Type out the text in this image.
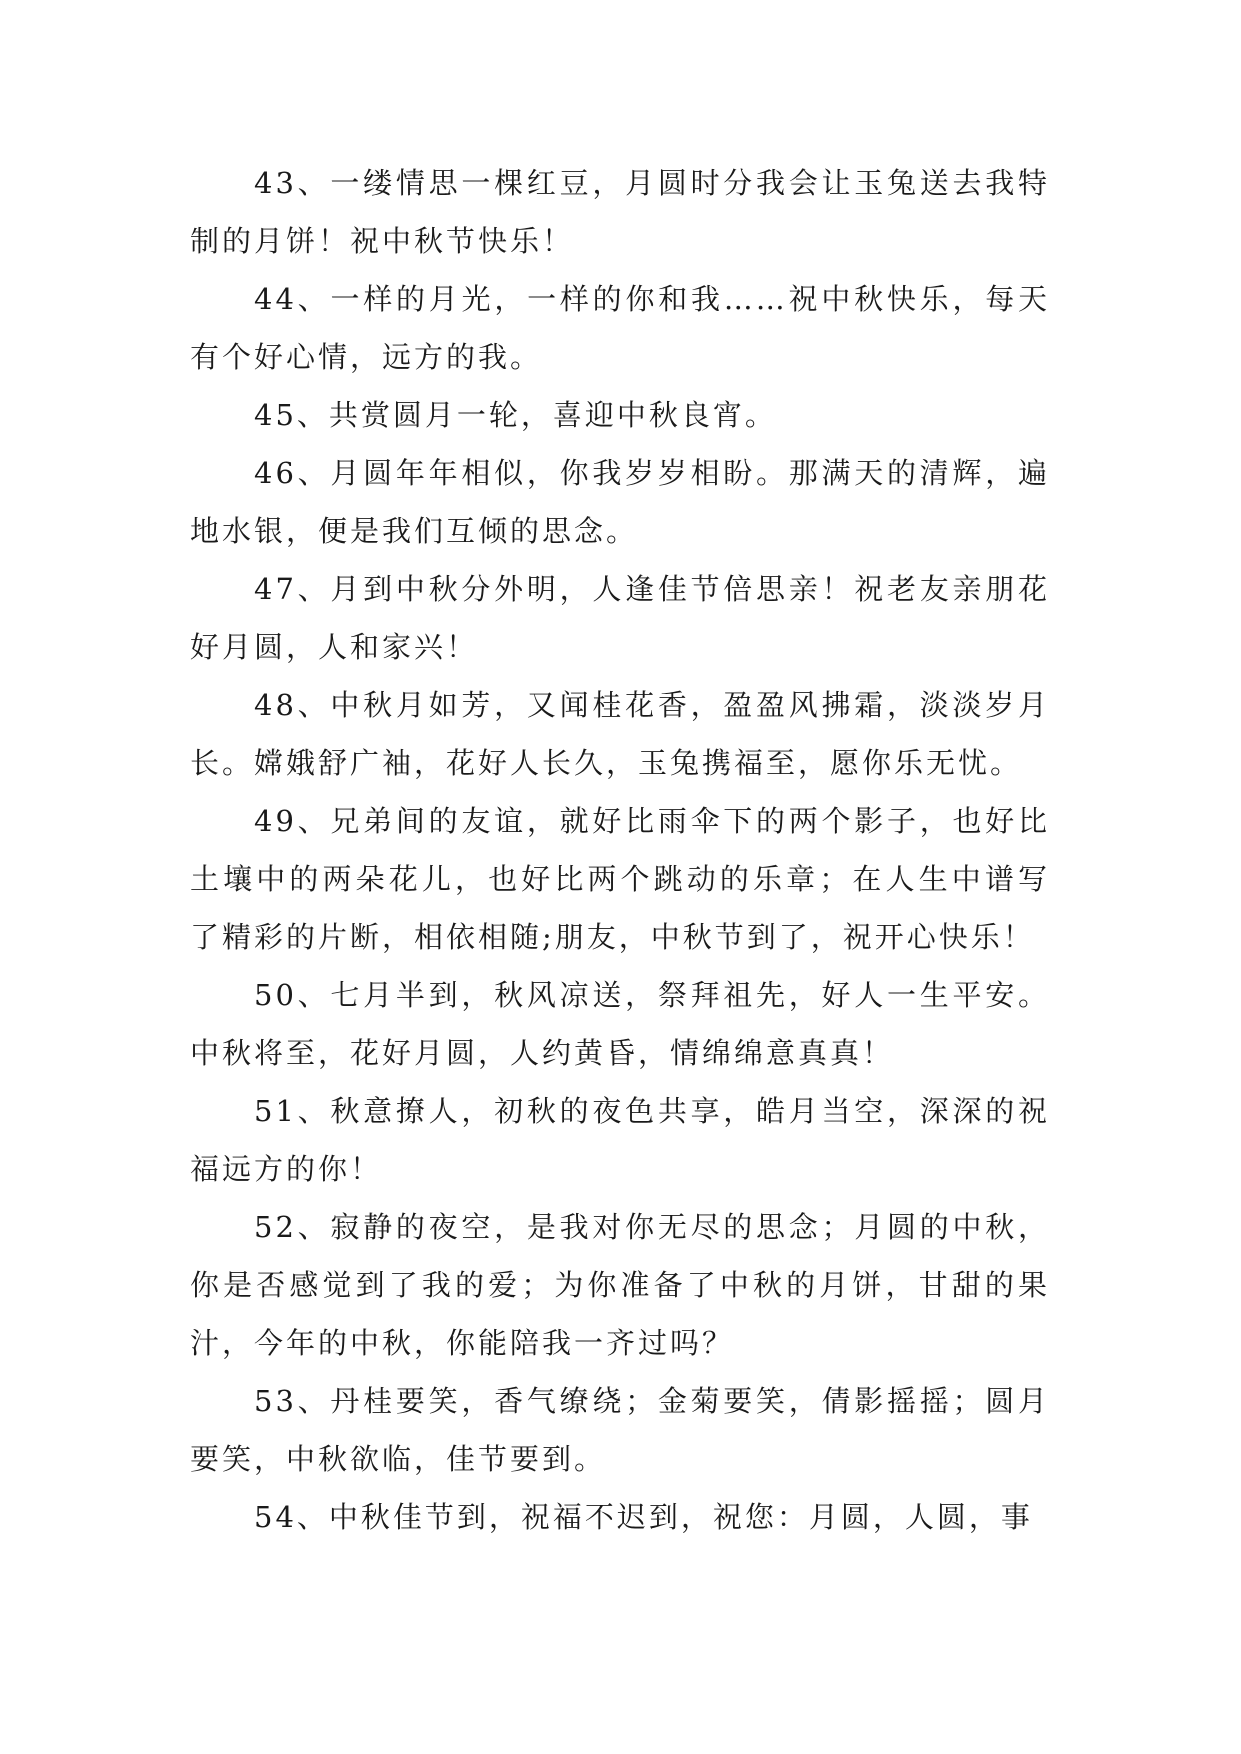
43、一缕情思一棵红豆，月圆时分我会让玉兔送去我特制的月饼！祝中秋节快乐！

44、一样的月光，一样的你和我……祝中秋快乐，每天有个好心情，远方的我。

45、共赏圆月一轮，喜迎中秋良宵。

46、月圆年年相似，你我岁岁相盼。那满天的清辉，遍地水银，便是我们互倾的思念。

47、月到中秋分外明，人逢佳节倍思亲！祝老友亲朋花好月圆，人和家兴！

48、中秋月如芳，又闻桂花香，盈盈风拂霜，淡淡岁月长。嫦娥舒广袖，花好人长久，玉兔携福至，愿你乐无忧。

49、兄弟间的友谊，就好比雨伞下的两个影子，也好比土壤中的两朵花儿，也好比两个跳动的乐章；在人生中谱写了精彩的片断，相依相随;朋友，中秋节到了，祝开心快乐！

50、七月半到，秋风凉送，祭拜祖先，好人一生平安。中秋将至，花好月圆，人约黄昏，情绵绵意真真！

51、秋意撩人，初秋的夜色共享，皓月当空，深深的祝福远方的你！

52、寂静的夜空，是我对你无尽的思念；月圆的中秋，你是否感觉到了我的爱；为你准备了中秋的月饼，甘甜的果汁，今年的中秋，你能陪我一齐过吗？

53、丹桂要笑，香气缭绕；金菊要笑，倩影摇摇；圆月要笑，中秋欲临，佳节要到。

54、中秋佳节到，祝福不迟到，祝您：月圆，人圆，事
